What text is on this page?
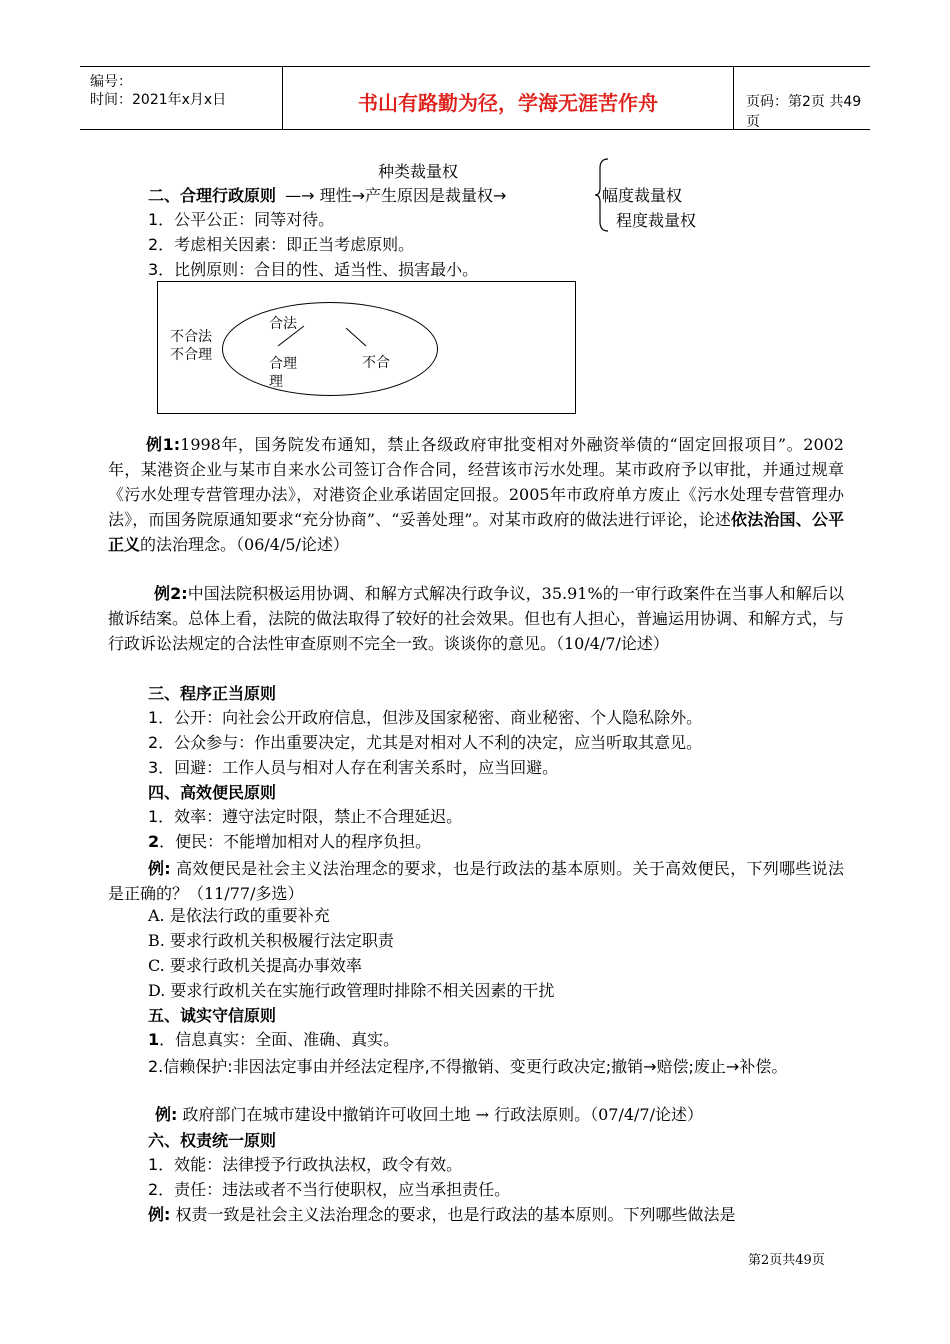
编号：
时间：2021年x月x日	书山有路勤为径，学海无涯苦作舟	页码：第2页 共49页
种类裁量权
二、合理行政原则 —→ 理性→产生原因是裁量权→	幅度裁量权
程度裁量权
1．公平公正：同等对待。
2．考虑相关因素：即正当考虑原则。
3．比例原则：合目的性、适当性、损害最小。
不合法
不合理
合法
合理
理
不合
例1:1998年，国务院发布通知，禁止各级政府审批变相对外融资举债的“固定回报项目”。2002年，某港资企业与某市自来水公司签订合作合同，经营该市污水处理。某市政府予以审批，并通过规章《污水处理专营管理办法》，对港资企业承诺固定回报。2005年市政府单方废止《污水处理专营管理办法》，而国务院原通知要求“充分协商”、“妥善处理”。对某市政府的做法进行评论，论述依法治国、公平正义的法治理念。（06/4/5/论述）
例2:中国法院积极运用协调、和解方式解决行政争议，35.91%的一审行政案件在当事人和解后以撤诉结案。总体上看，法院的做法取得了较好的社会效果。但也有人担心，普遍运用协调、和解方式，与行政诉讼法规定的合法性审查原则不完全一致。谈谈你的意见。（10/4/7/论述）
三、程序正当原则
1．公开：向社会公开政府信息，但涉及国家秘密、商业秘密、个人隐私除外。
2．公众参与：作出重要决定，尤其是对相对人不利的决定，应当听取其意见。
3．回避：工作人员与相对人存在利害关系时，应当回避。
四、高效便民原则
1．效率：遵守法定时限，禁止不合理延迟。
2．便民：不能增加相对人的程序负担。
例: 高效便民是社会主义法治理念的要求，也是行政法的基本原则。关于高效便民，下列哪些说法是正确的？（11/77/多选）
A. 是依法行政的重要补充
B. 要求行政机关积极履行法定职责
C. 要求行政机关提高办事效率
D. 要求行政机关在实施行政管理时排除不相关因素的干扰
五、诚实守信原则
1．信息真实：全面、准确、真实。
2.信赖保护:非因法定事由并经法定程序,不得撤销、变更行政决定;撤销→赔偿;废止→补偿。
例: 政府部门在城市建设中撤销许可收回土地 → 行政法原则。（07/4/7/论述）
六、权责统一原则
1．效能：法律授予行政执法权，政令有效。
2．责任：违法或者不当行使职权，应当承担责任。
例: 权责一致是社会主义法治理念的要求，也是行政法的基本原则。下列哪些做法是
第2页共49页
